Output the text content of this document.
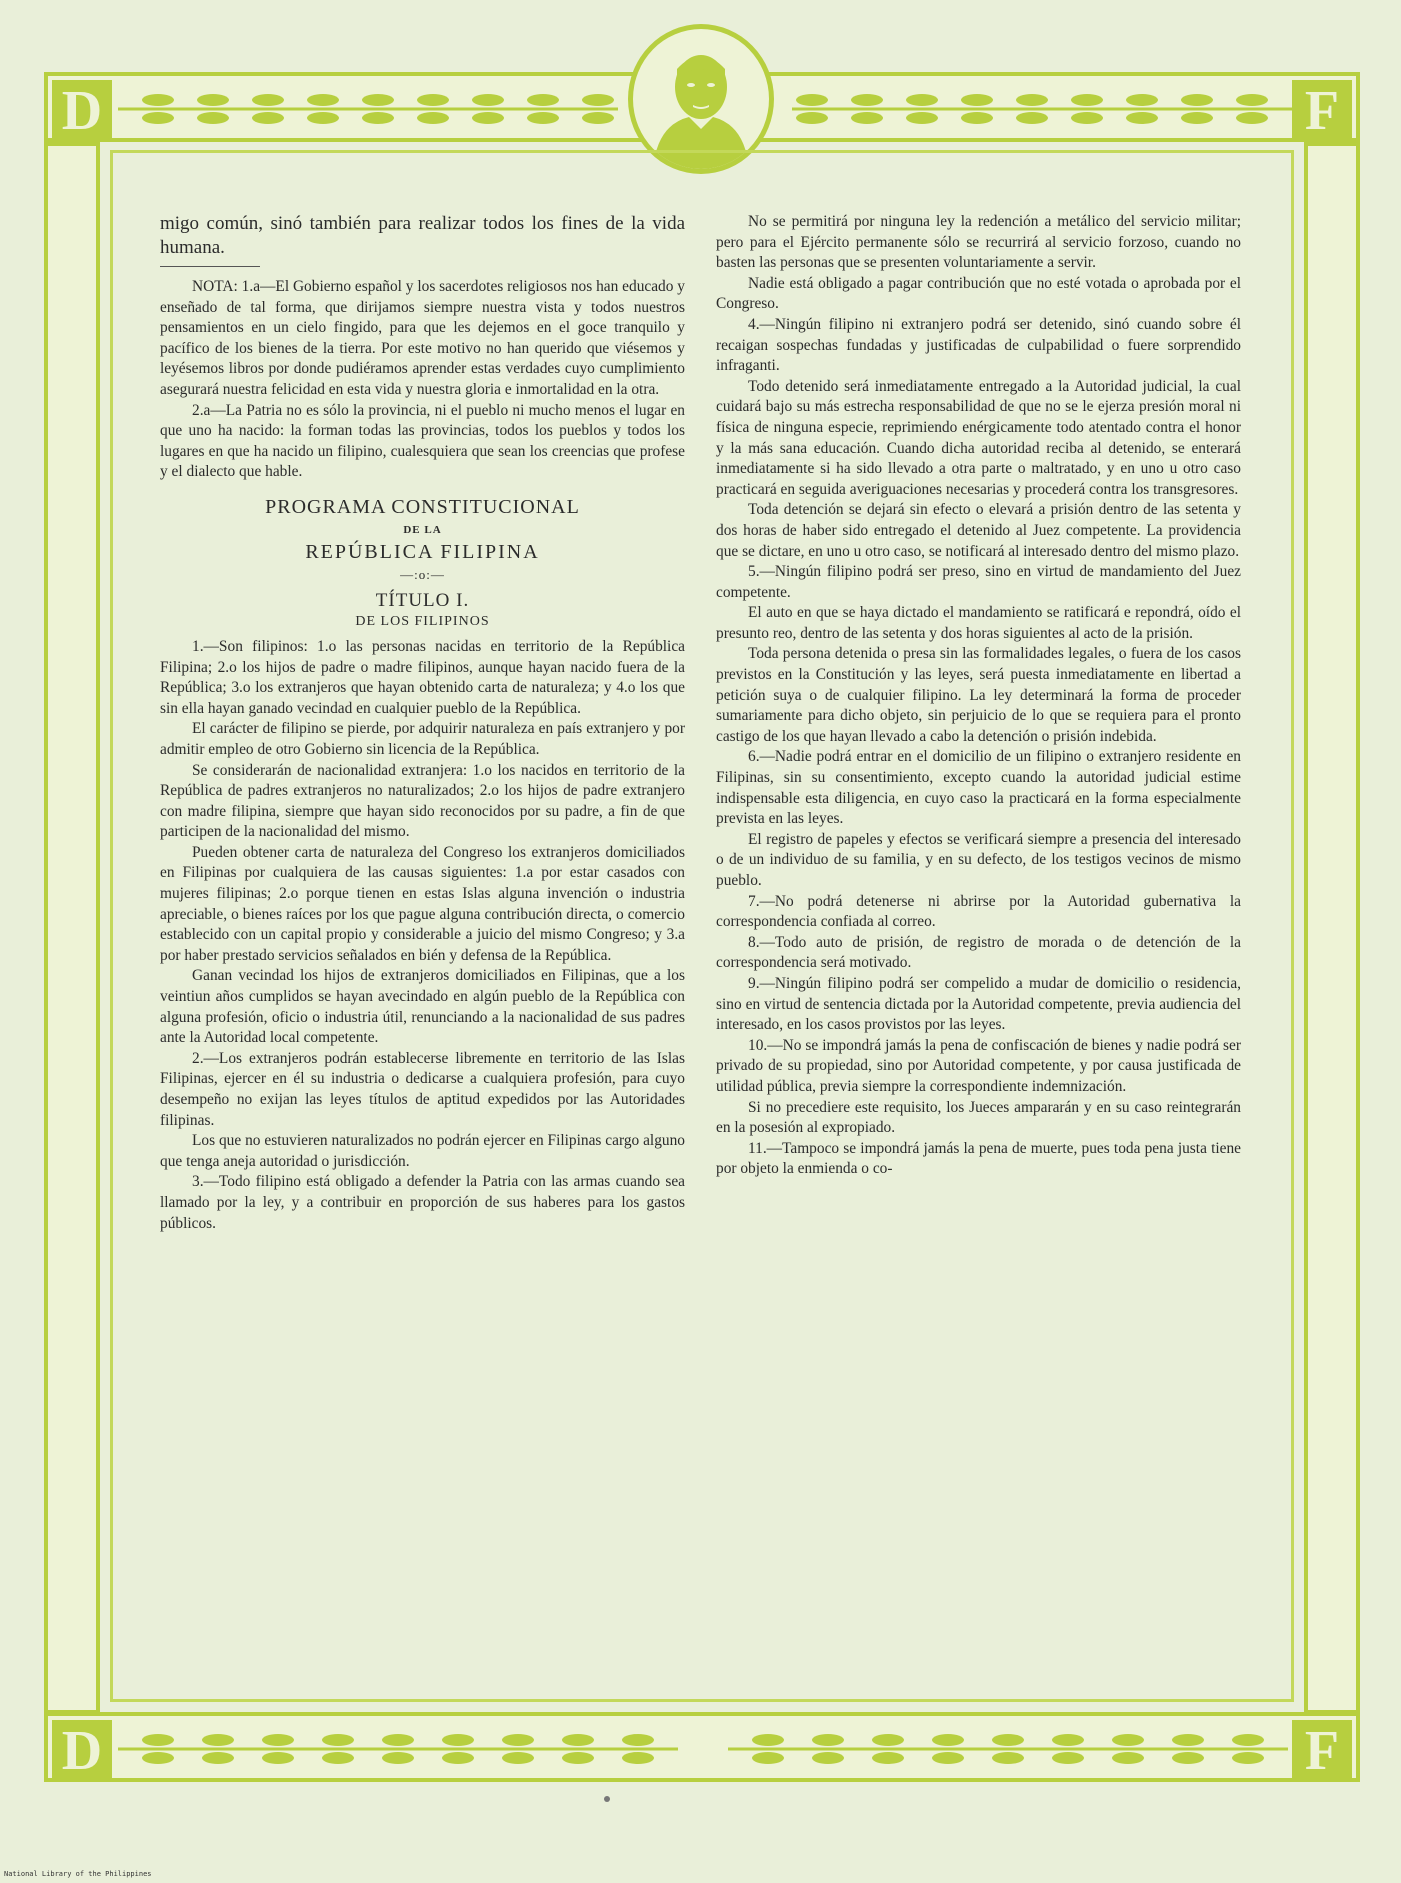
D	F
D	F

migo común, sinó también para realizar todos los fines de la vida humana.

NOTA: 1.a—El Gobierno español y los sacerdotes religiosos nos han educado y enseñado de tal forma, que dirijamos siempre nuestra vista y todos nuestros pensamientos en un cielo fingido, para que les dejemos en el goce tranquilo y pacífico de los bienes de la tierra. Por este motivo no han querido que viésemos y leyésemos libros por donde pudiéramos aprender estas verdades cuyo cumplimiento asegurará nuestra felicidad en esta vida y nuestra gloria e inmortalidad en la otra.

2.a—La Patria no es sólo la provincia, ni el pueblo ni mucho menos el lugar en que uno ha nacido: la forman todas las provincias, todos los pueblos y todos los lugares en que ha nacido un filipino, cualesquiera que sean los creencias que profese y el dialecto que hable.

PROGRAMA CONSTITUCIONAL
DE LA
REPÚBLICA FILIPINA
—:o:—
TÍTULO I.
DE LOS FILIPINOS

1.—Son filipinos: 1.o las personas nacidas en territorio de la República Filipina; 2.o los hijos de padre o madre filipinos, aunque hayan nacido fuera de la República; 3.o los extranjeros que hayan obtenido carta de naturaleza; y 4.o los que sin ella hayan ganado vecindad en cualquier pueblo de la República.

El carácter de filipino se pierde, por adquirir naturaleza en país extranjero y por admitir empleo de otro Gobierno sin licencia de la República.

Se considerarán de nacionalidad extranjera: 1.o los nacidos en territorio de la República de padres extranjeros no naturalizados; 2.o los hijos de padre extranjero con madre filipina, siempre que hayan sido reconocidos por su padre, a fin de que participen de la nacionalidad del mismo.

Pueden obtener carta de naturaleza del Congreso los extranjeros domiciliados en Filipinas por cualquiera de las causas siguientes: 1.a por estar casados con mujeres filipinas; 2.o porque tienen en estas Islas alguna invención o industria apreciable, o bienes raíces por los que pague alguna contribución directa, o comercio establecido con un capital propio y considerable a juicio del mismo Congreso; y 3.a por haber prestado servicios señalados en bién y defensa de la República.

Ganan vecindad los hijos de extranjeros domiciliados en Filipinas, que a los veintiun años cumplidos se hayan avecindado en algún pueblo de la República con alguna profesión, oficio o industria útil, renunciando a la nacionalidad de sus padres ante la Autoridad local competente.

2.—Los extranjeros podrán establecerse libremente en territorio de las Islas Filipinas, ejercer en él su industria o dedicarse a cualquiera profesión, para cuyo desempeño no exijan las leyes títulos de aptitud expedidos por las Autoridades filipinas.

Los que no estuvieren naturalizados no podrán ejercer en Filipinas cargo alguno que tenga aneja autoridad o jurisdicción.

3.—Todo filipino está obligado a defender la Patria con las armas cuando sea llamado por la ley, y a contribuir en proporción de sus haberes para los gastos públicos.

No se permitirá por ninguna ley la redención a metálico del servicio militar; pero para el Ejército permanente sólo se recurrirá al servicio forzoso, cuando no basten las personas que se presenten voluntariamente a servir.

Nadie está obligado a pagar contribución que no esté votada o aprobada por el Congreso.

4.—Ningún filipino ni extranjero podrá ser detenido, sinó cuando sobre él recaigan sospechas fundadas y justificadas de culpabilidad o fuere sorprendido infraganti.

Todo detenido será inmediatamente entregado a la Autoridad judicial, la cual cuidará bajo su más estrecha responsabilidad de que no se le ejerza presión moral ni física de ninguna especie, reprimiendo enérgicamente todo atentado contra el honor y la más sana educación. Cuando dicha autoridad reciba al detenido, se enterará inmediatamente si ha sido llevado a otra parte o maltratado, y en uno u otro caso practicará en seguida averiguaciones necesarias y procederá contra los transgresores.

Toda detención se dejará sin efecto o elevará a prisión dentro de las setenta y dos horas de haber sido entregado el detenido al Juez competente. La providencia que se dictare, en uno u otro caso, se notificará al interesado dentro del mismo plazo.

5.—Ningún filipino podrá ser preso, sino en virtud de mandamiento del Juez competente.

El auto en que se haya dictado el mandamiento se ratificará e repondrá, oído el presunto reo, dentro de las setenta y dos horas siguientes al acto de la prisión.

Toda persona detenida o presa sin las formalidades legales, o fuera de los casos previstos en la Constitución y las leyes, será puesta inmediatamente en libertad a petición suya o de cualquier filipino. La ley determinará la forma de proceder sumariamente para dicho objeto, sin perjuicio de lo que se requiera para el pronto castigo de los que hayan llevado a cabo la detención o prisión indebida.

6.—Nadie podrá entrar en el domicilio de un filipino o extranjero residente en Filipinas, sin su consentimiento, excepto cuando la autoridad judicial estime indispensable esta diligencia, en cuyo caso la practicará en la forma especialmente prevista en las leyes.

El registro de papeles y efectos se verificará siempre a presencia del interesado o de un individuo de su familia, y en su defecto, de los testigos vecinos de mismo pueblo.

7.—No podrá detenerse ni abrirse por la Autoridad gubernativa la correspondencia confiada al correo.

8.—Todo auto de prisión, de registro de morada o de detención de la correspondencia será motivado.

9.—Ningún filipino podrá ser compelido a mudar de domicilio o residencia, sino en virtud de sentencia dictada por la Autoridad competente, previa audiencia del interesado, en los casos provistos por las leyes.

10.—No se impondrá jamás la pena de confiscación de bienes y nadie podrá ser privado de su propiedad, sino por Autoridad competente, y por causa justificada de utilidad pública, previa siempre la correspondiente indemnización.

Si no precediere este requisito, los Jueces ampararán y en su caso reintegrarán en la posesión al expropiado.

11.—Tampoco se impondrá jamás la pena de muerte, pues toda pena justa tiene por objeto la enmienda o co-

National Library of the Philippines
